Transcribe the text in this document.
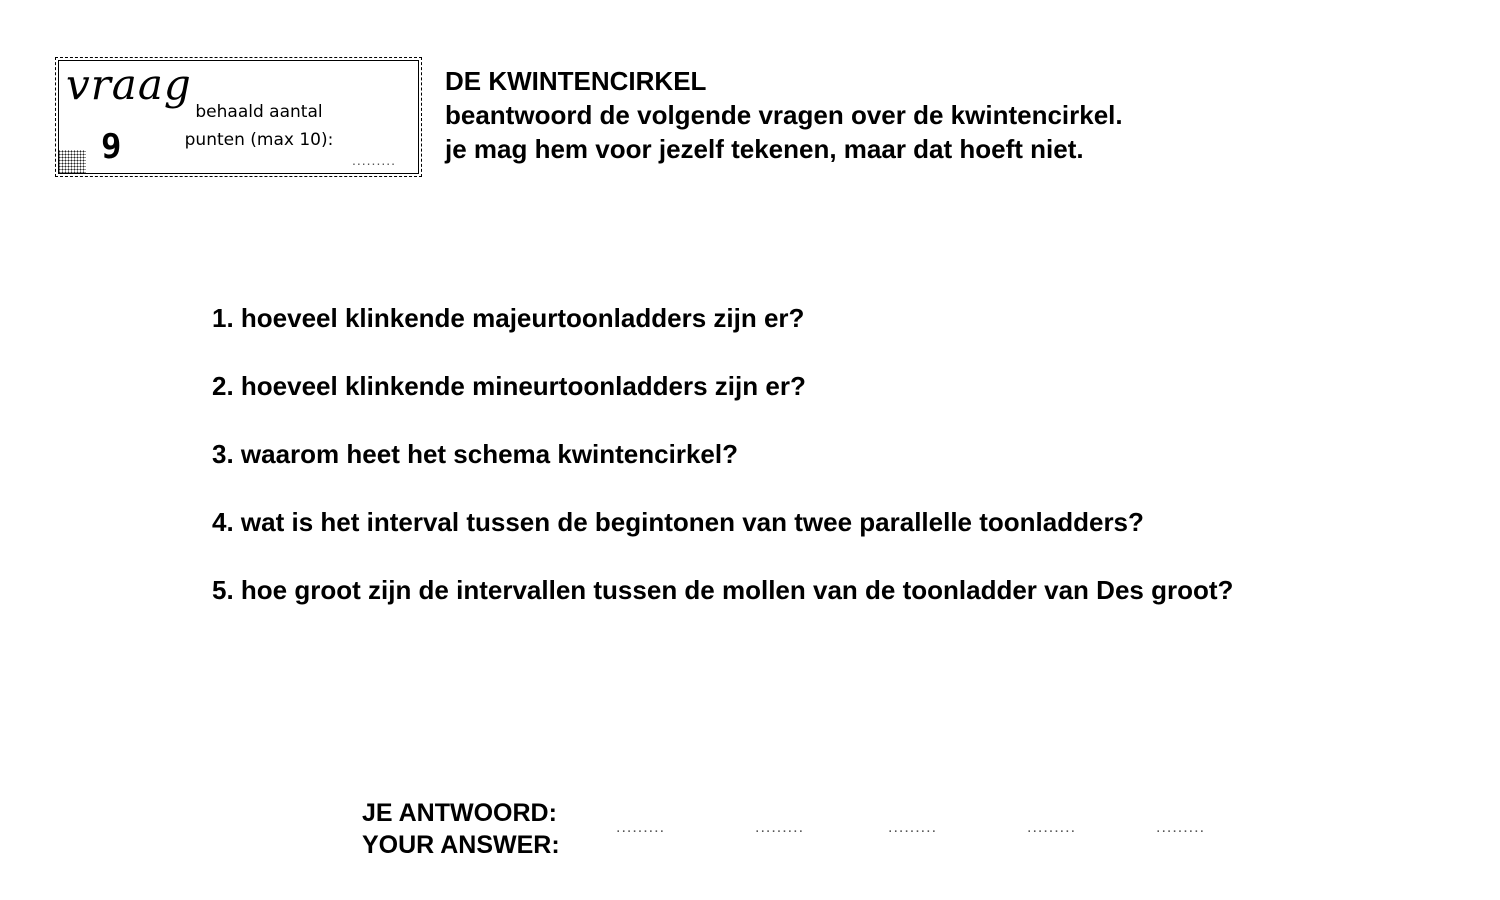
vraag
9
behaald aantal
punten (max 10):
.........
DE KWINTENCIRKEL
beantwoord de volgende vragen over de kwintencirkel.
je mag hem voor jezelf tekenen, maar dat hoeft niet.
1. hoeveel klinkende majeurtoonladders zijn er?
2. hoeveel klinkende mineurtoonladders zijn er?
3. waarom heet het schema kwintencirkel?
4. wat is het interval tussen de begintonen van twee parallelle toonladders?
5. hoe groot zijn de intervallen tussen de mollen van de toonladder van Des groot?
JE ANTWOORD:
YOUR ANSWER:
.........	.........	.........	.........	.........
